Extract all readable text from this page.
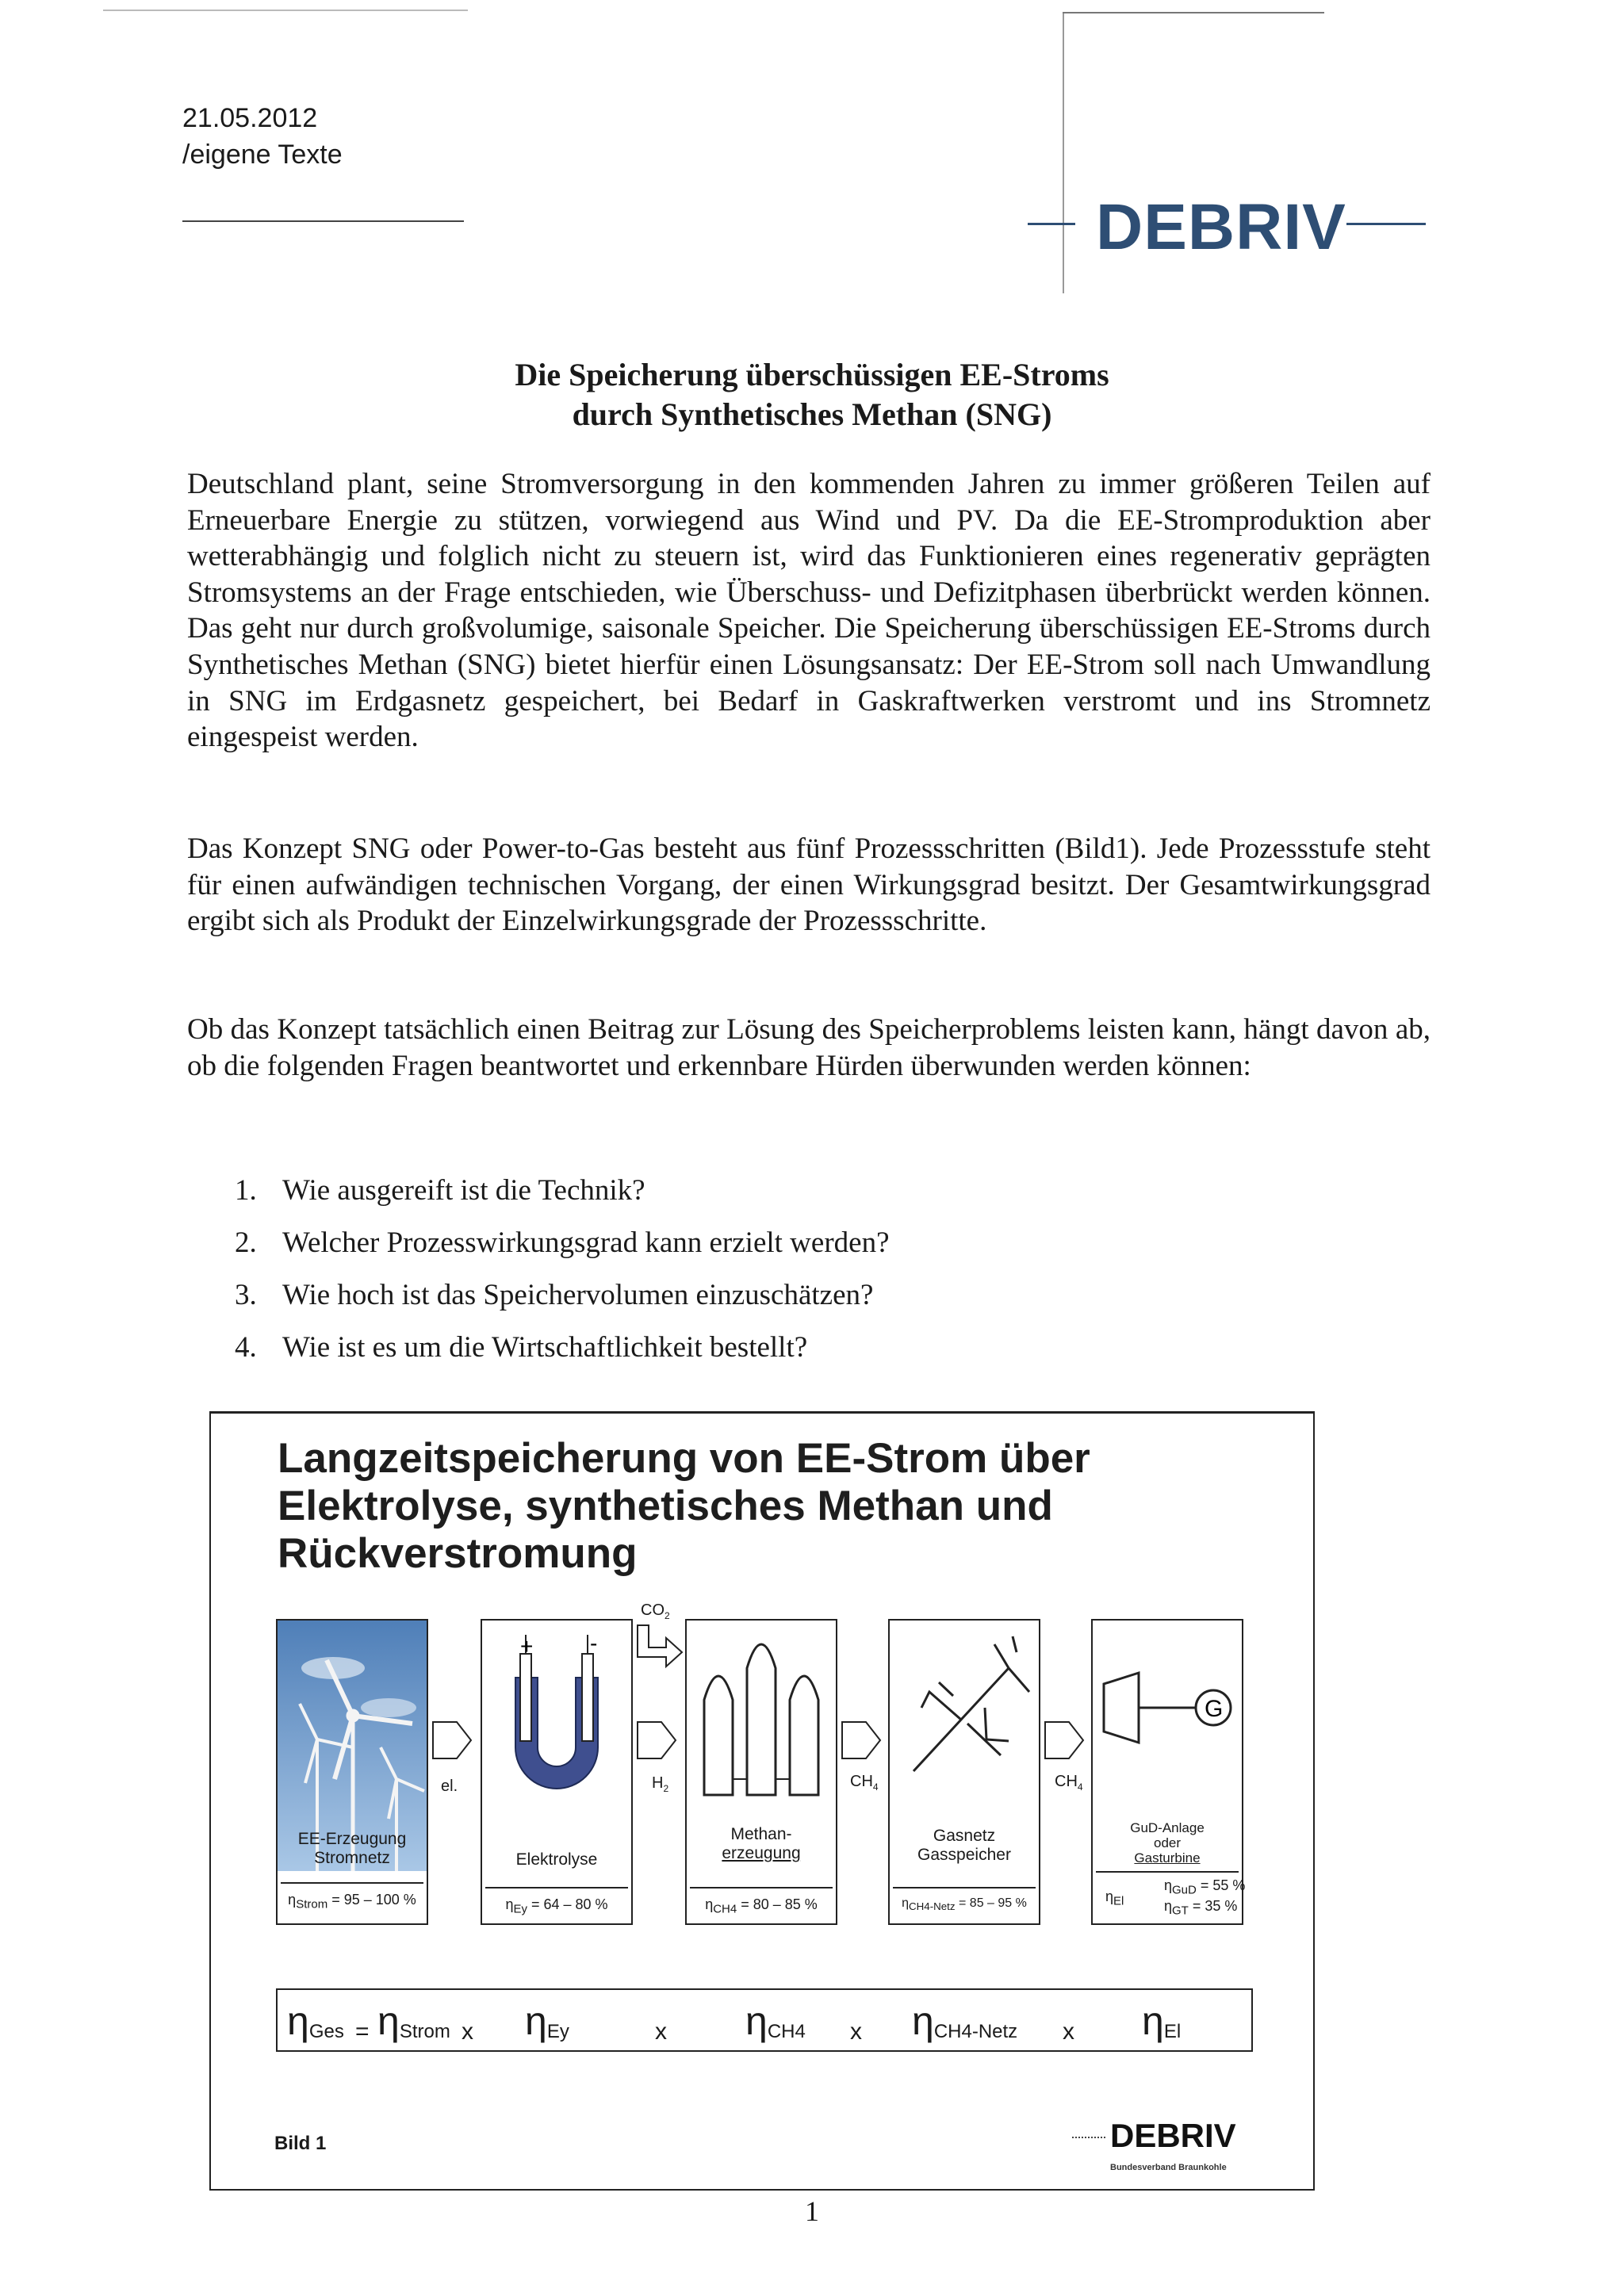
21.05.2012
/eigene Texte
DEBRIV
Die Speicherung überschüssigen EE-Stroms
durch Synthetisches Methan (SNG)
Deutschland plant, seine Stromversorgung in den kommenden Jahren zu immer größeren Teilen auf Erneuerbare Energie zu stützen, vorwiegend aus Wind und PV. Da die EE-Stromproduktion aber wetterabhängig und folglich nicht zu steuern ist, wird das Funktionieren eines regenerativ geprägten Stromsystems an der Frage entschieden, wie Überschuss- und Defizitphasen überbrückt werden können. Das geht nur durch großvolumige, saisonale Speicher. Die Speicherung überschüssigen EE-Stroms durch Synthetisches Methan (SNG) bietet hierfür einen Lösungsansatz: Der EE-Strom soll nach Umwandlung in SNG im Erdgasnetz gespeichert, bei Bedarf in Gaskraftwerken verstromt und ins Stromnetz eingespeist werden.
Das Konzept SNG oder Power-to-Gas besteht aus fünf Prozessschritten (Bild1). Jede Prozessstufe steht für einen aufwändigen technischen Vorgang, der einen Wirkungsgrad besitzt. Der Gesamtwirkungsgrad ergibt sich als Produkt der Einzelwirkungsgrade der Prozessschritte.
Ob das Konzept tatsächlich einen Beitrag zur Lösung des Speicherproblems leisten kann, hängt davon ab, ob die folgenden Fragen beantwortet und erkennbare Hürden überwunden werden können:
1. Wie ausgereift ist die Technik?
2. Welcher Prozesswirkungsgrad kann erzielt werden?
3. Wie hoch ist das Speichervolumen einzuschätzen?
4. Wie ist es um die Wirtschaftlichkeit bestellt?
Langzeitspeicherung von EE-Strom über
Elektrolyse, synthetisches Methan und
Rückverstromung
EE-Erzeugung
Stromnetz
$\eta_{Strom} = 95 - 100$ %
+	-
Elektrolyse
$\eta_{Ey} = 64 - 80$ %
Methan-
erzeugung
$\eta_{CH4} = 80 - 85$ %
Gasnetz
Gasspeicher
$\eta_{CH4-Netz} = 85 - 95$ %
G
GuD-Anlage
oder
Gasturbine
$\eta_{El}$
$\eta_{GuD} = 55$ %
$\eta_{GT} = 35$ %
el.	$H_2$	$CH_4$	$CH_4$
$CO_2$
$\eta_{Ges} = \eta_{Strom}$ x $\eta_{Ey}$	x $\eta_{CH4}$ x $\eta_{CH4-Netz}$ x $\eta_{El}$
Bild 1	DEBRIV
Bundesverband Braunkohle
1
